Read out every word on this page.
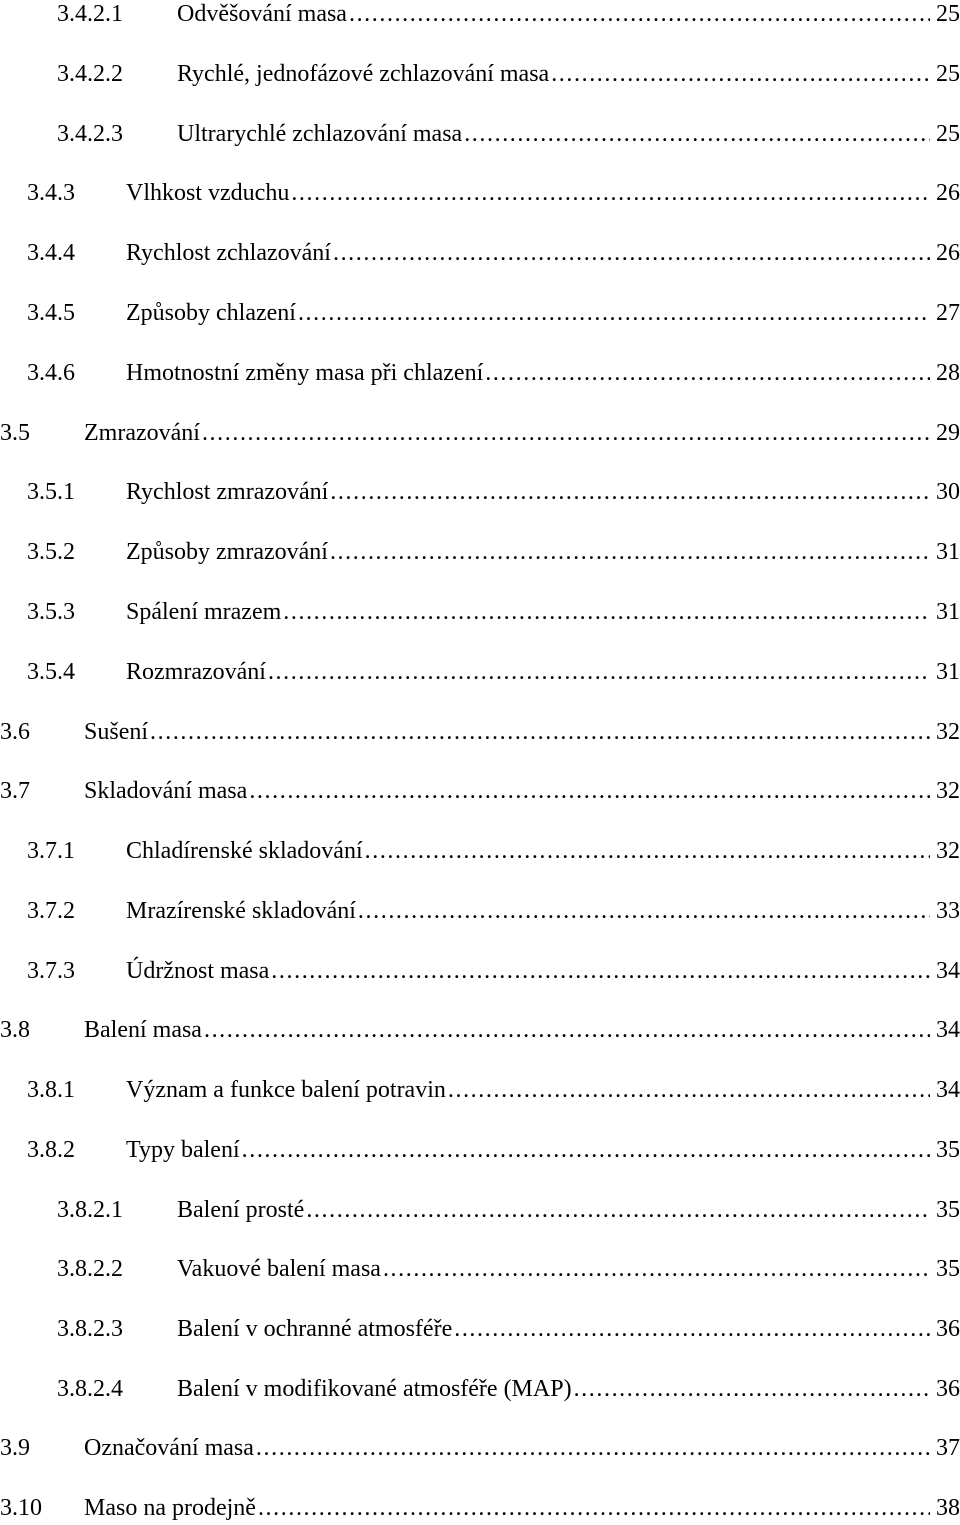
3.4.2.1	Odvěšování masa . . .	25
3.4.2.2	Rychlé, jednofázové zchlazování masa . . .	25
3.4.2.3	Ultrarychlé zchlazování masa . . .	25
3.4.3	Vlhkost vzduchu . . .	26
3.4.4	Rychlost zchlazování . . .	26
3.4.5	Způsoby chlazení . . .	27
3.4.6	Hmotnostní změny masa při chlazení . . .	28
3.5	Zmrazování . . .	29
3.5.1	Rychlost zmrazování . . .	30
3.5.2	Způsoby zmrazování . . .	31
3.5.3	Spálení mrazem . . .	31
3.5.4	Rozmrazování . . .	31
3.6	Sušení . . .	32
3.7	Skladování masa . . .	32
3.7.1	Chladírenské skladování . . .	32
3.7.2	Mrazírenské skladování . . .	33
3.7.3	Údržnost masa . . .	34
3.8	Balení masa . . .	34
3.8.1	Význam a funkce balení potravin . . .	34
3.8.2	Typy balení . . .	35
3.8.2.1	Balení prosté . . .	35
3.8.2.2	Vakuové balení masa . . .	35
3.8.2.3	Balení v ochranné atmosféře . . .	36
3.8.2.4	Balení v modifikované atmosféře (MAP) . . .	36
3.9	Označování masa . . .	37
3.10	Maso na prodejně . . .	38
